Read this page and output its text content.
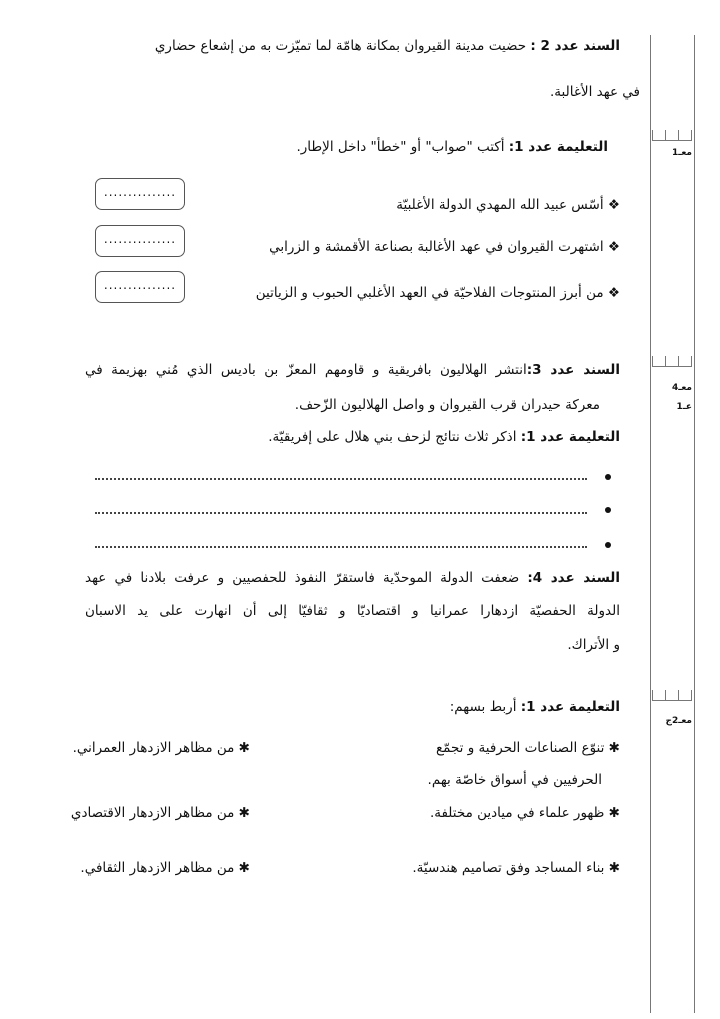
معـ1
معـ4
عـ1
معـ2ج
السند عدد 2 : حضيت مدينة القيروان بمكانة هامّة لما تميّزت به من إشعاع حضاري
في عهد الأغالبة.
التعليمة عدد 1: أكتب "صواب" أو "خطأ" داخل الإطار.
❖ أسّس عبيد الله المهدي الدولة الأغلبيّة
...............
❖ اشتهرت القيروان في عهد الأغالبة بصناعة الأقمشة و الزرابي
...............
❖ من أبرز المنتوجات الفلاحيّة في العهد الأغلبي الحبوب و الزياتين
...............
السند عدد 3:انتشر الهلاليون بافريقية و قاومهم المعزّ بن باديس الذي مُني بهزيمة في
معركة حيدران قرب القيروان و واصل الهلاليون الزّحف.
التعليمة عدد 1: اذكر ثلاث نتائج لزحف بني هلال على إفريقيّة.
السند عدد 4: ضعفت الدولة الموحدّية فاستقرّ النفوذ للحفصيين و عرفت بلادنا في عهد
الدولة الحفصيّة ازدهارا عمرانيا و اقتصاديّا و ثقافيّا إلى أن انهارت على يد الاسبان
و الأتراك.
التعليمة عدد 1: أربط بسهم:
✱ تنوّع الصناعات الحرفية و تجمّع
الحرفيين في أسواق خاصّة بهم.
✱ ظهور علماء في ميادين مختلفة.
✱ بناء المساجد وفق تصاميم هندسيّة.
✱ من مظاهر الازدهار العمراني.
✱ من مظاهر الازدهار الاقتصادي
✱ من مظاهر الازدهار الثقافي.
